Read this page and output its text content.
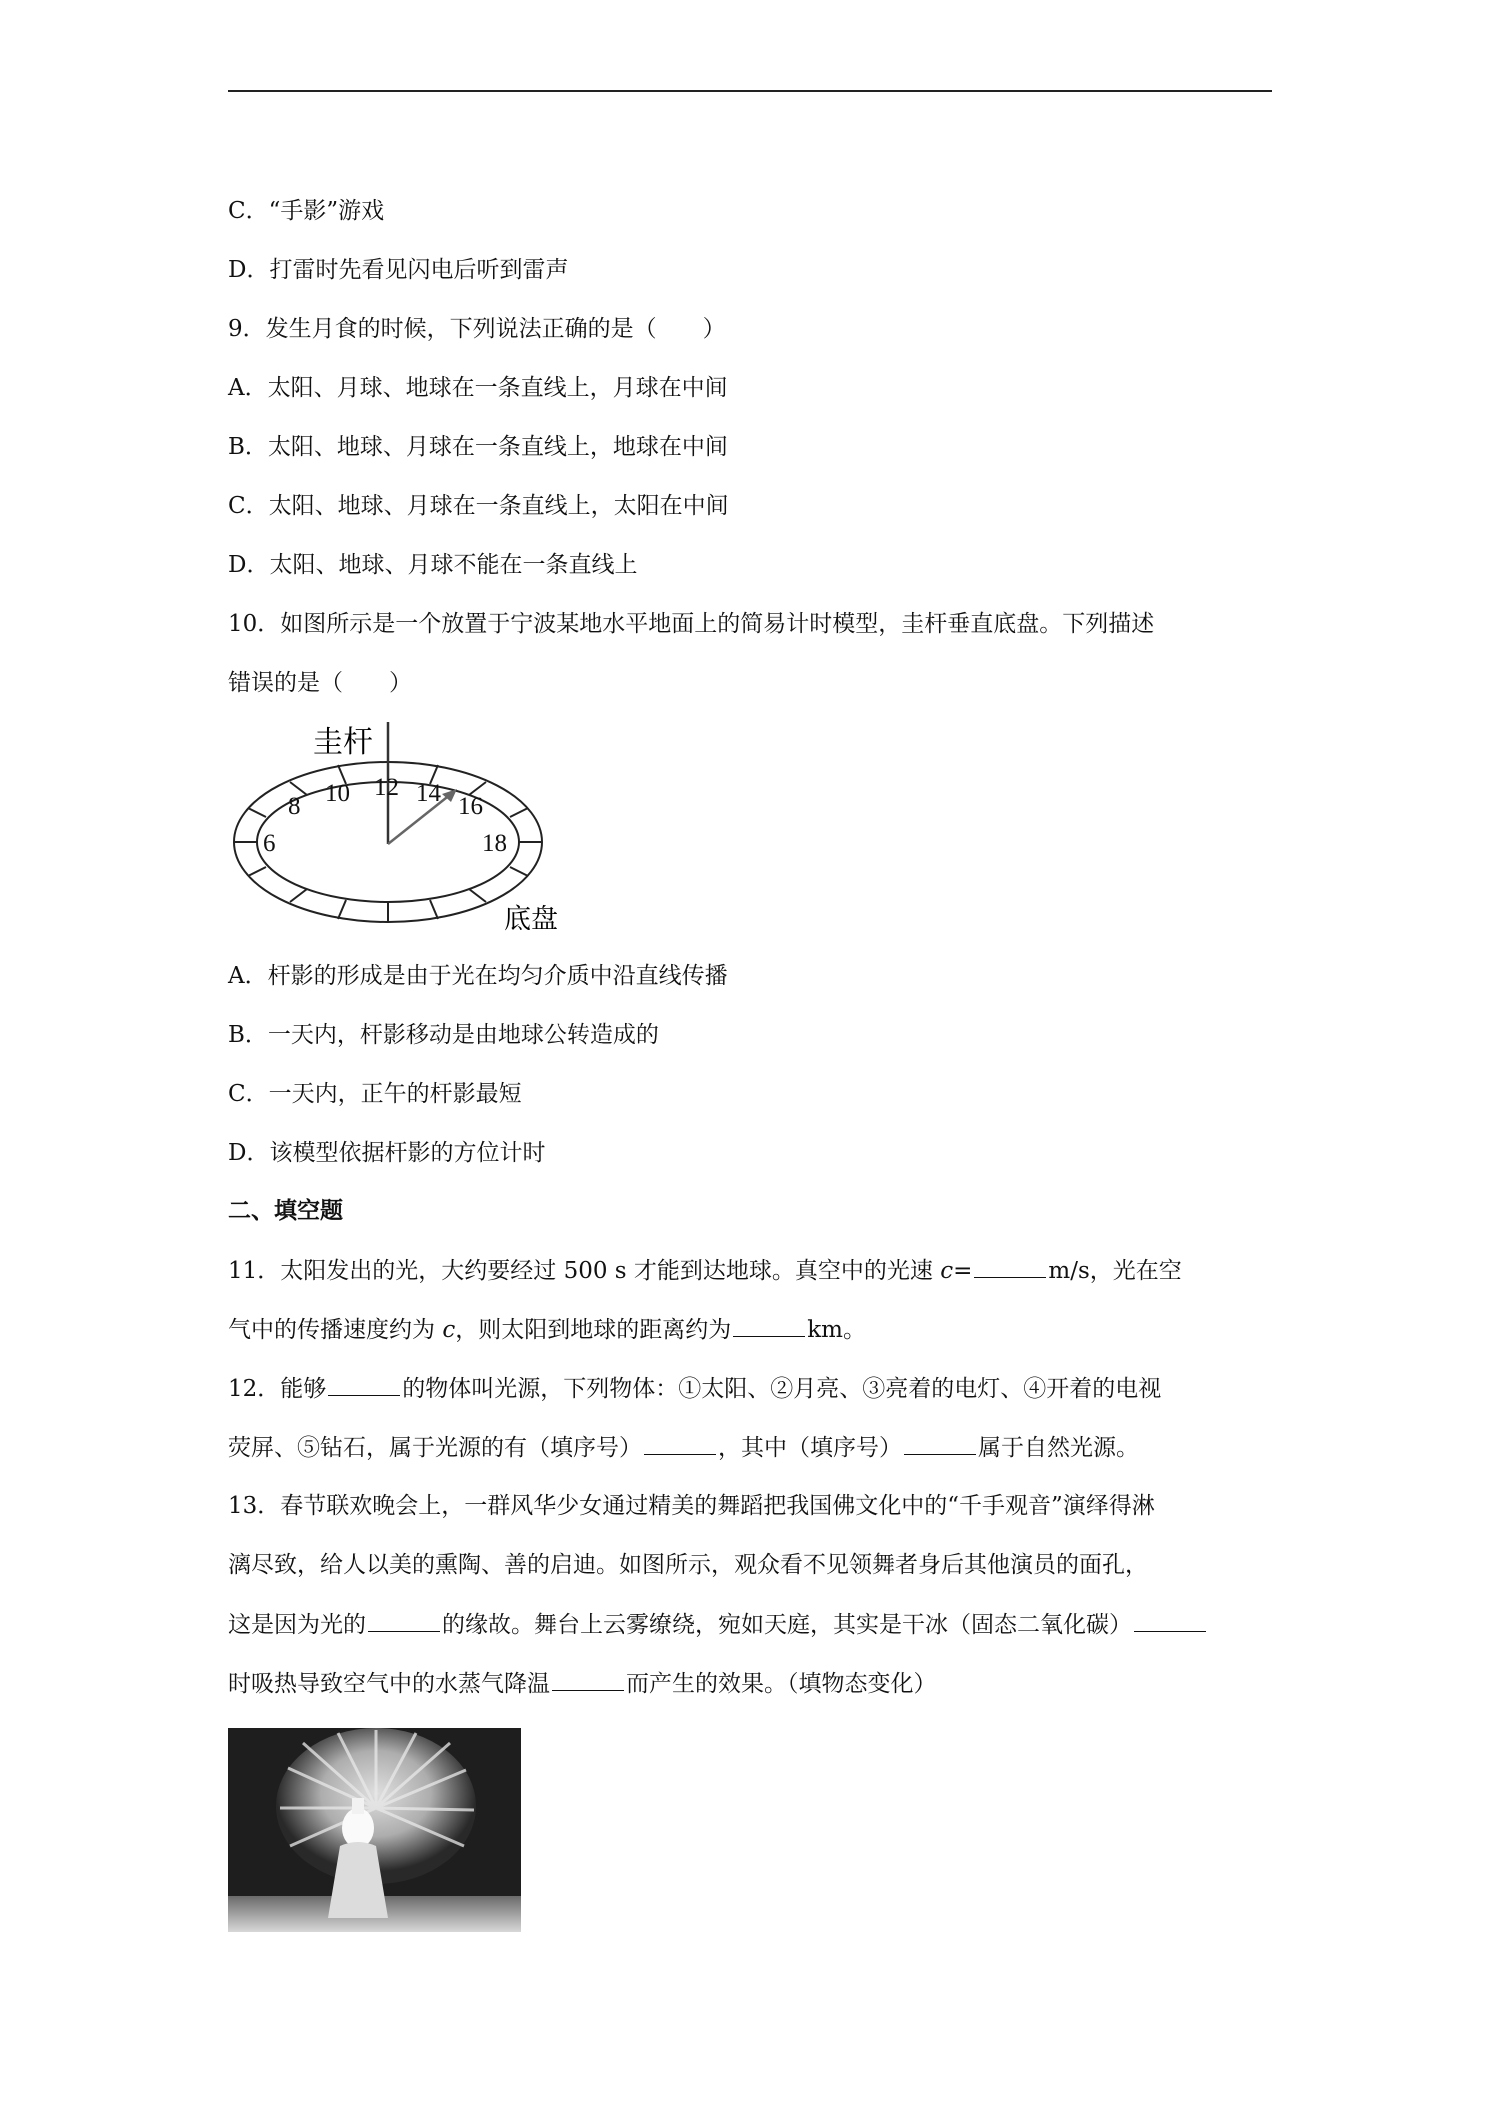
C．“手影”游戏
D．打雷时先看见闪电后听到雷声
9．发生月食的时候，下列说法正确的是（　　）
A．太阳、月球、地球在一条直线上，月球在中间
B．太阳、地球、月球在一条直线上，地球在中间
C．太阳、地球、月球在一条直线上，太阳在中间
D．太阳、地球、月球不能在一条直线上
10．如图所示是一个放置于宁波某地水平地面上的简易计时模型，圭杆垂直底盘。下列描述
错误的是（　　）
圭杆
底盘
6
8 10 12 14 16
18
A．杆影的形成是由于光在均匀介质中沿直线传播
B．一天内，杆影移动是由地球公转造成的
C．一天内，正午的杆影最短
D．该模型依据杆影的方位计时
二、填空题
11．太阳发出的光，大约要经过 500 s 才能到达地球。真空中的光速 c=	m/s，光在空
气中的传播速度约为 c，则太阳到地球的距离约为	km。
12．能够	的物体叫光源，下列物体：①太阳、②月亮、③亮着的电灯、④开着的电视
荧屏、⑤钻石，属于光源的有（填序号）	，其中（填序号）	属于自然光源。
13．春节联欢晚会上，一群风华少女通过精美的舞蹈把我国佛文化中的“千手观音”演绎得淋
漓尽致，给人以美的熏陶、善的启迪。如图所示，观众看不见领舞者身后其他演员的面孔，
这是因为光的	的缘故。舞台上云雾缭绕，宛如天庭，其实是干冰（固态二氧化碳）
时吸热导致空气中的水蒸气降温	而产生的效果。（填物态变化）
